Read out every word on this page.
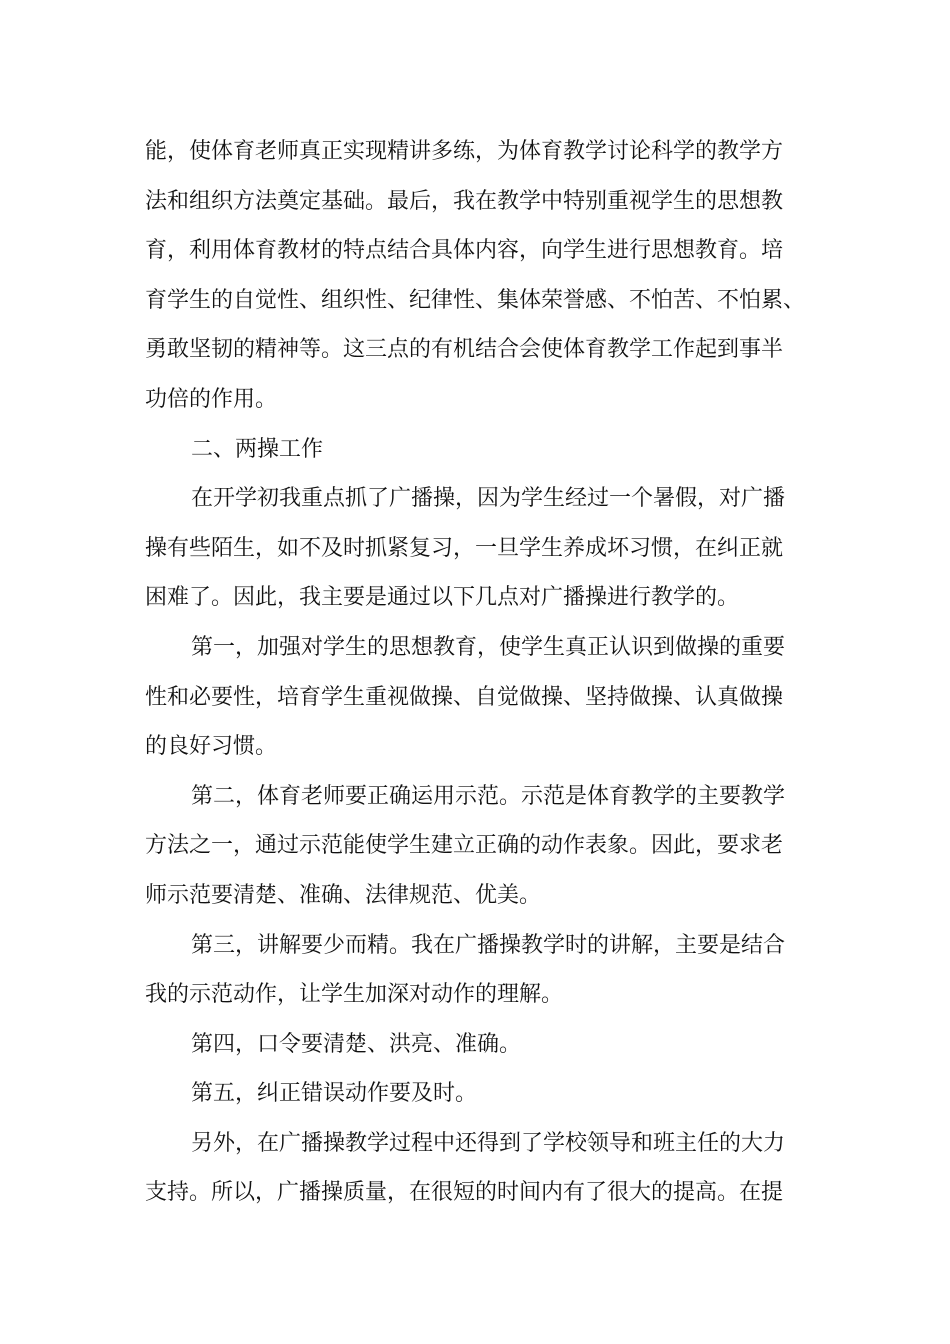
能，使体育老师真正实现精讲多练，为体育教学讨论科学的教学方
法和组织方法奠定基础。最后，我在教学中特别重视学生的思想教
育，利用体育教材的特点结合具体内容，向学生进行思想教育。培
育学生的自觉性、组织性、纪律性、集体荣誉感、不怕苦、不怕累、
勇敢坚韧的精神等。这三点的有机结合会使体育教学工作起到事半
功倍的作用。
二、两操工作
在开学初我重点抓了广播操，因为学生经过一个暑假，对广播
操有些陌生，如不及时抓紧复习，一旦学生养成坏习惯，在纠正就
困难了。因此，我主要是通过以下几点对广播操进行教学的。
第一，加强对学生的思想教育，使学生真正认识到做操的重要
性和必要性，培育学生重视做操、自觉做操、坚持做操、认真做操
的良好习惯。
第二，体育老师要正确运用示范。示范是体育教学的主要教学
方法之一，通过示范能使学生建立正确的动作表象。因此，要求老
师示范要清楚、准确、法律规范、优美。
第三，讲解要少而精。我在广播操教学时的讲解，主要是结合
我的示范动作，让学生加深对动作的理解。
第四，口令要清楚、洪亮、准确。
第五，纠正错误动作要及时。
另外，在广播操教学过程中还得到了学校领导和班主任的大力
支持。所以，广播操质量，在很短的时间内有了很大的提高。在提
